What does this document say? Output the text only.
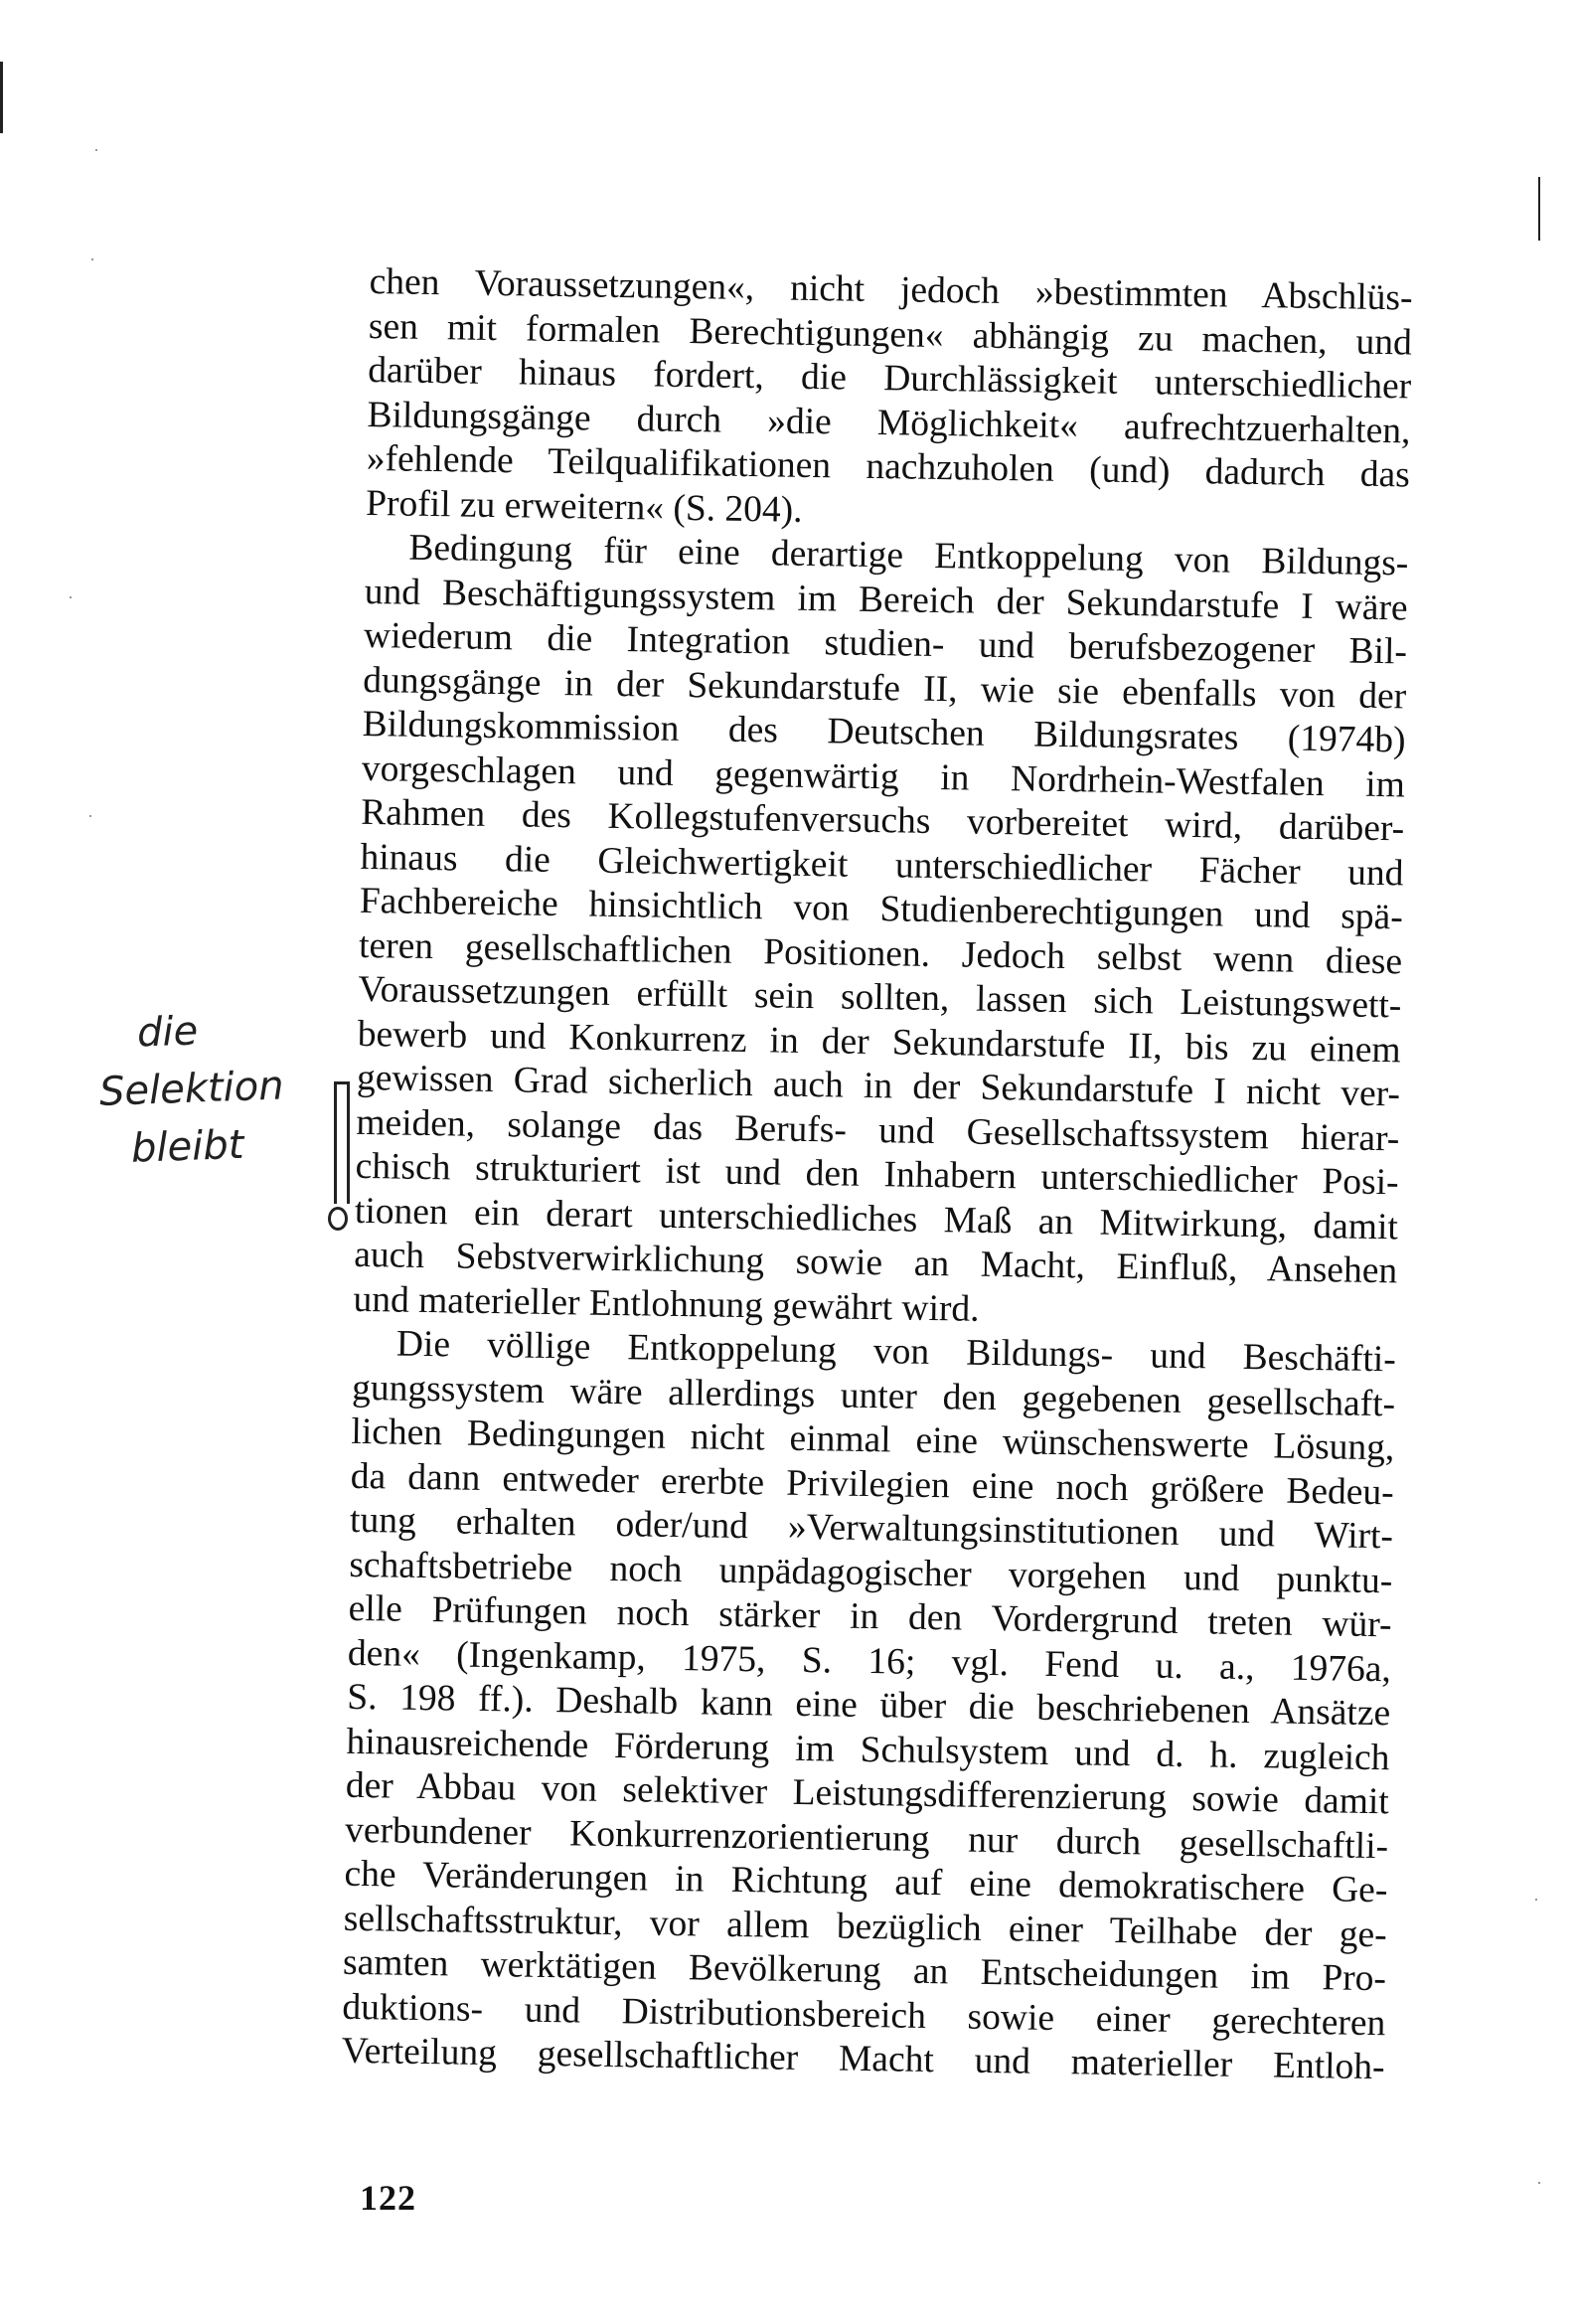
die
Selektion
bleibt

chen Voraussetzungen«, nicht jedoch »bestimmten Abschlüs-
sen mit formalen Berechtigungen« abhängig zu machen, und
darüber hinaus fordert, die Durchlässigkeit unterschiedlicher
Bildungsgänge durch »die Möglichkeit« aufrechtzuerhalten,
»fehlende Teilqualifikationen nachzuholen (und) dadurch das
Profil zu erweitern« (S. 204).

Bedingung für eine derartige Entkoppelung von Bildungs-
und Beschäftigungssystem im Bereich der Sekundarstufe I wäre
wiederum die Integration studien- und berufsbezogener Bil-
dungsgänge in der Sekundarstufe II, wie sie ebenfalls von der
Bildungskommission des Deutschen Bildungsrates (1974b)
vorgeschlagen und gegenwärtig in Nordrhein-Westfalen im
Rahmen des Kollegstufenversuchs vorbereitet wird, darüber-
hinaus die Gleichwertigkeit unterschiedlicher Fächer und
Fachbereiche hinsichtlich von Studienberechtigungen und spä-
teren gesellschaftlichen Positionen. Jedoch selbst wenn diese
Voraussetzungen erfüllt sein sollten, lassen sich Leistungswett-
bewerb und Konkurrenz in der Sekundarstufe II, bis zu einem
gewissen Grad sicherlich auch in der Sekundarstufe I nicht ver-
meiden, solange das Berufs- und Gesellschaftssystem hierar-
chisch strukturiert ist und den Inhabern unterschiedlicher Posi-
tionen ein derart unterschiedliches Maß an Mitwirkung, damit
auch Sebstverwirklichung sowie an Macht, Einfluß, Ansehen
und materieller Entlohnung gewährt wird.

Die völlige Entkoppelung von Bildungs- und Beschäfti-
gungssystem wäre allerdings unter den gegebenen gesellschaft-
lichen Bedingungen nicht einmal eine wünschenswerte Lösung,
da dann entweder ererbte Privilegien eine noch größere Bedeu-
tung erhalten oder/und »Verwaltungsinstitutionen und Wirt-
schaftsbetriebe noch unpädagogischer vorgehen und punktu-
elle Prüfungen noch stärker in den Vordergrund treten wür-
den« (Ingenkamp, 1975, S. 16; vgl. Fend u. a., 1976a,
S. 198 ff.). Deshalb kann eine über die beschriebenen Ansätze
hinausreichende Förderung im Schulsystem und d. h. zugleich
der Abbau von selektiver Leistungsdifferenzierung sowie damit
verbundener Konkurrenzorientierung nur durch gesellschaftli-
che Veränderungen in Richtung auf eine demokratischere Ge-
sellschaftsstruktur, vor allem bezüglich einer Teilhabe der ge-
samten werktätigen Bevölkerung an Entscheidungen im Pro-
duktions- und Distributionsbereich sowie einer gerechteren
Verteilung gesellschaftlicher Macht und materieller Entloh-

122
